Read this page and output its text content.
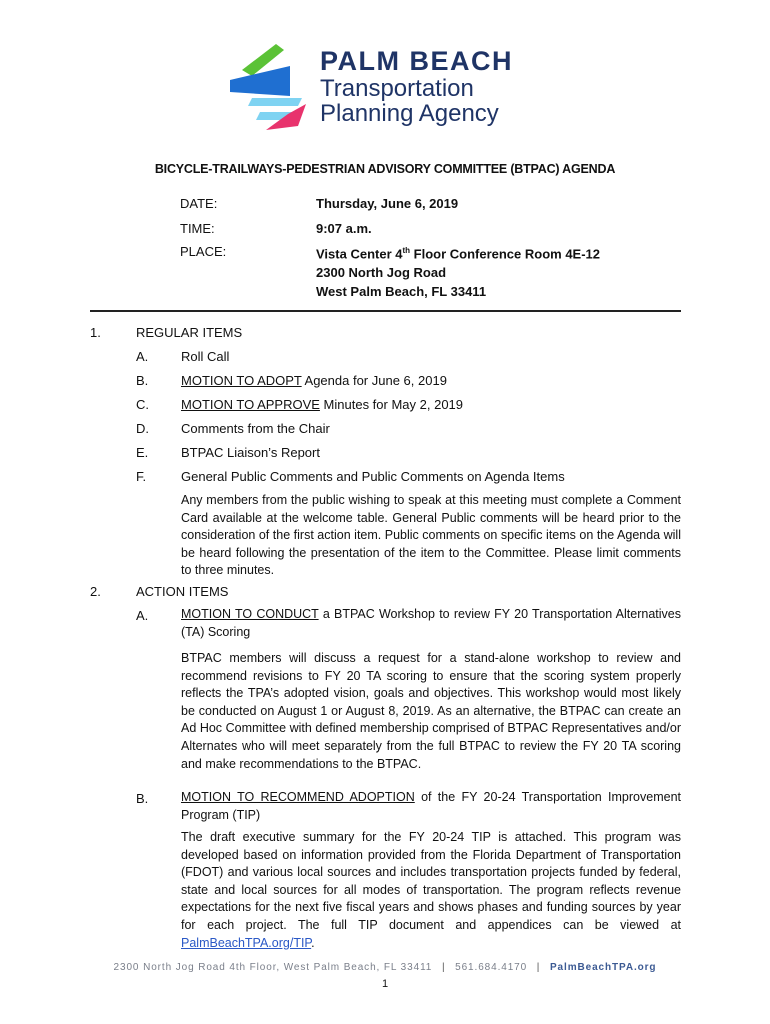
PALM BEACH
Transportation
Planning Agency
BICYCLE-TRAILWAYS-PEDESTRIAN ADVISORY COMMITTEE (BTPAC) AGENDA
DATE:	Thursday, June 6, 2019
TIME:	9:07 a.m.
PLACE:	Vista Center 4th Floor Conference Room 4E-12
2300 North Jog Road
West Palm Beach, FL 33411
1.	REGULAR ITEMS
A.	Roll Call
B.	MOTION TO ADOPT Agenda for June 6, 2019
C. MOTION TO APPROVE Minutes for May 2, 2019
D. Comments from the Chair
E.	BTPAC Liaison’s Report
F.	General Public Comments and Public Comments on Agenda Items
Any members from the public wishing to speak at this meeting must complete a Comment Card available at the welcome table. General Public comments will be heard prior to the consideration of the first action item. Public comments on specific items on the Agenda will be heard following the presentation of the item to the Committee. Please limit comments to three minutes.
2.	ACTION ITEMS
A.	MOTION TO CONDUCT a BTPAC Workshop to review FY 20 Transportation Alternatives (TA) Scoring
BTPAC members will discuss a request for a stand-alone workshop to review and recommend revisions to FY 20 TA scoring to ensure that the scoring system properly reflects the TPA’s adopted vision, goals and objectives. This workshop would most likely be conducted on August 1 or August 8, 2019. As an alternative, the BTPAC can create an Ad Hoc Committee with defined membership comprised of BTPAC Representatives and/or Alternates who will meet separately from the full BTPAC to review the FY 20 TA scoring and make recommendations to the BTPAC.
B.	MOTION TO RECOMMEND ADOPTION of the FY 20-24 Transportation Improvement Program (TIP)
The draft executive summary for the FY 20-24 TIP is attached. This program was developed based on information provided from the Florida Department of Transportation (FDOT) and various local sources and includes transportation projects funded by federal, state and local sources for all modes of transportation. The program reflects revenue expectations for the next five fiscal years and shows phases and funding sources by year for each project. The full TIP document and appendices can be viewed at PalmBeachTPA.org/TIP.
2300 North Jog Road 4th Floor, West Palm Beach, FL 33411 | 561.684.4170 | PalmBeachTPA.org
1
